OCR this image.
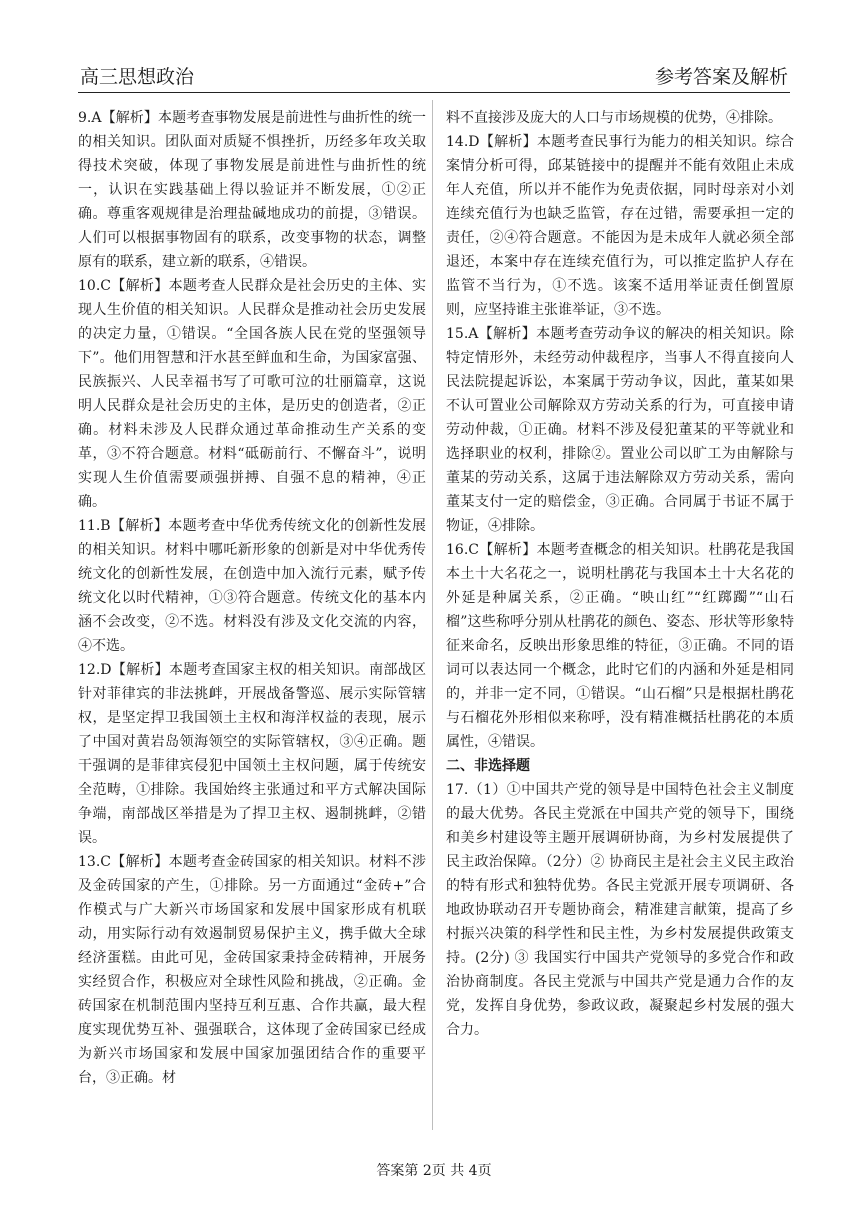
高三思想政治	参考答案及解析

9.A【解析】本题考查事物发展是前进性与曲折性的统一的相关知识。团队面对质疑不惧挫折，历经多年攻关取得技术突破，体现了事物发展是前进性与曲折性的统一，认识在实践基础上得以验证并不断发展，①②正确。尊重客观规律是治理盐碱地成功的前提，③错误。人们可以根据事物固有的联系，改变事物的状态，调整原有的联系，建立新的联系，④错误。

10.C【解析】本题考查人民群众是社会历史的主体、实现人生价值的相关知识。人民群众是推动社会历史发展的决定力量，①错误。“全国各族人民在党的坚强领导下”。他们用智慧和汗水甚至鲜血和生命，为国家富强、民族振兴、人民幸福书写了可歌可泣的壮丽篇章，这说明人民群众是社会历史的主体，是历史的创造者，②正确。材料未涉及人民群众通过革命推动生产关系的变革，③不符合题意。材料“砥砺前行、不懈奋斗”，说明实现人生价值需要顽强拼搏、自强不息的精神，④正确。

11.B【解析】本题考查中华优秀传统文化的创新性发展的相关知识。材料中哪吒新形象的创新是对中华优秀传统文化的创新性发展，在创造中加入流行元素，赋予传统文化以时代精神，①③符合题意。传统文化的基本内涵不会改变，②不选。材料没有涉及文化交流的内容，④不选。

12.D【解析】本题考查国家主权的相关知识。南部战区针对菲律宾的非法挑衅，开展战备警巡、展示实际管辖权，是坚定捍卫我国领土主权和海洋权益的表现，展示了中国对黄岩岛领海领空的实际管辖权，③④正确。题干强调的是菲律宾侵犯中国领土主权问题，属于传统安全范畴，①排除。我国始终主张通过和平方式解决国际争端，南部战区举措是为了捍卫主权、遏制挑衅，②错误。

13.C【解析】本题考查金砖国家的相关知识。材料不涉及金砖国家的产生，①排除。另一方面通过“金砖+”合作模式与广大新兴市场国家和发展中国家形成有机联动，用实际行动有效遏制贸易保护主义，携手做大全球经济蛋糕。由此可见，金砖国家秉持金砖精神，开展务实经贸合作，积极应对全球性风险和挑战，②正确。金砖国家在机制范围内坚持互利互惠、合作共赢，最大程度实现优势互补、强强联合，这体现了金砖国家已经成为新兴市场国家和发展中国家加强团结合作的重要平台，③正确。材

料不直接涉及庞大的人口与市场规模的优势，④排除。

14.D【解析】本题考查民事行为能力的相关知识。综合案情分析可得，邱某链接中的提醒并不能有效阻止未成年人充值，所以并不能作为免责依据，同时母亲对小刘连续充值行为也缺乏监管，存在过错，需要承担一定的责任，②④符合题意。不能因为是未成年人就必须全部退还，本案中存在连续充值行为，可以推定监护人存在监管不当行为，①不选。该案不适用举证责任倒置原则，应坚持谁主张谁举证，③不选。

15.A【解析】本题考查劳动争议的解决的相关知识。除特定情形外，未经劳动仲裁程序，当事人不得直接向人民法院提起诉讼，本案属于劳动争议，因此，董某如果不认可置业公司解除双方劳动关系的行为，可直接申请劳动仲裁，①正确。材料不涉及侵犯董某的平等就业和选择职业的权利，排除②。置业公司以旷工为由解除与董某的劳动关系，这属于违法解除双方劳动关系，需向董某支付一定的赔偿金，③正确。合同属于书证不属于物证，④排除。

16.C【解析】本题考查概念的相关知识。杜鹃花是我国本土十大名花之一，说明杜鹃花与我国本土十大名花的外延是种属关系，②正确。“映山红”“红踯躅”“山石榴”这些称呼分别从杜鹃花的颜色、姿态、形状等形象特征来命名，反映出形象思维的特征，③正确。不同的语词可以表达同一个概念，此时它们的内涵和外延是相同的，并非一定不同，①错误。“山石榴”只是根据杜鹃花与石榴花外形相似来称呼，没有精准概括杜鹃花的本质属性，④错误。

二、非选择题

17.（1）①中国共产党的领导是中国特色社会主义制度的最大优势。各民主党派在中国共产党的领导下，围绕和美乡村建设等主题开展调研协商，为乡村发展提供了民主政治保障。（2分）② 协商民主是社会主义民主政治的特有形式和独特优势。各民主党派开展专项调研、各地政协联动召开专题协商会，精准建言献策，提高了乡村振兴决策的科学性和民主性，为乡村发展提供政策支持。(2分) ③ 我国实行中国共产党领导的多党合作和政治协商制度。各民主党派与中国共产党是通力合作的友党，发挥自身优势，参政议政，凝聚起乡村发展的强大合力。

答案第 2页 共 4页
